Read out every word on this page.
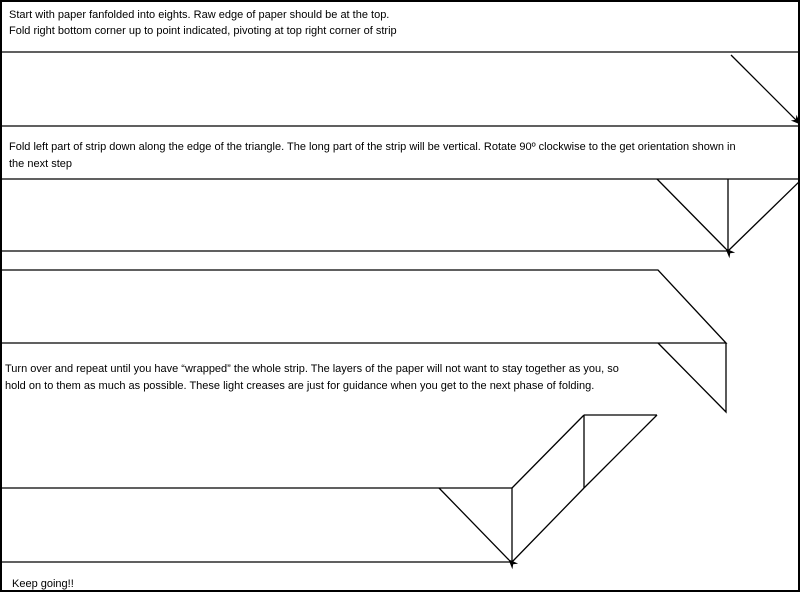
Start with paper fanfolded into eights. Raw edge of paper should be at the top.

Fold right bottom corner up to point indicated, pivoting at top right corner of strip

Fold left part of strip down along the edge of the triangle. The long part of the strip will be vertical. Rotate 90º clockwise to the get orientation shown in

the next step

Turn over and repeat until you have “wrapped” the whole strip. The layers of the paper will not want to stay together as you, so

hold on to them as much as possible. These light creases are just for guidance when you get to the next phase of folding.

Keep going!!
